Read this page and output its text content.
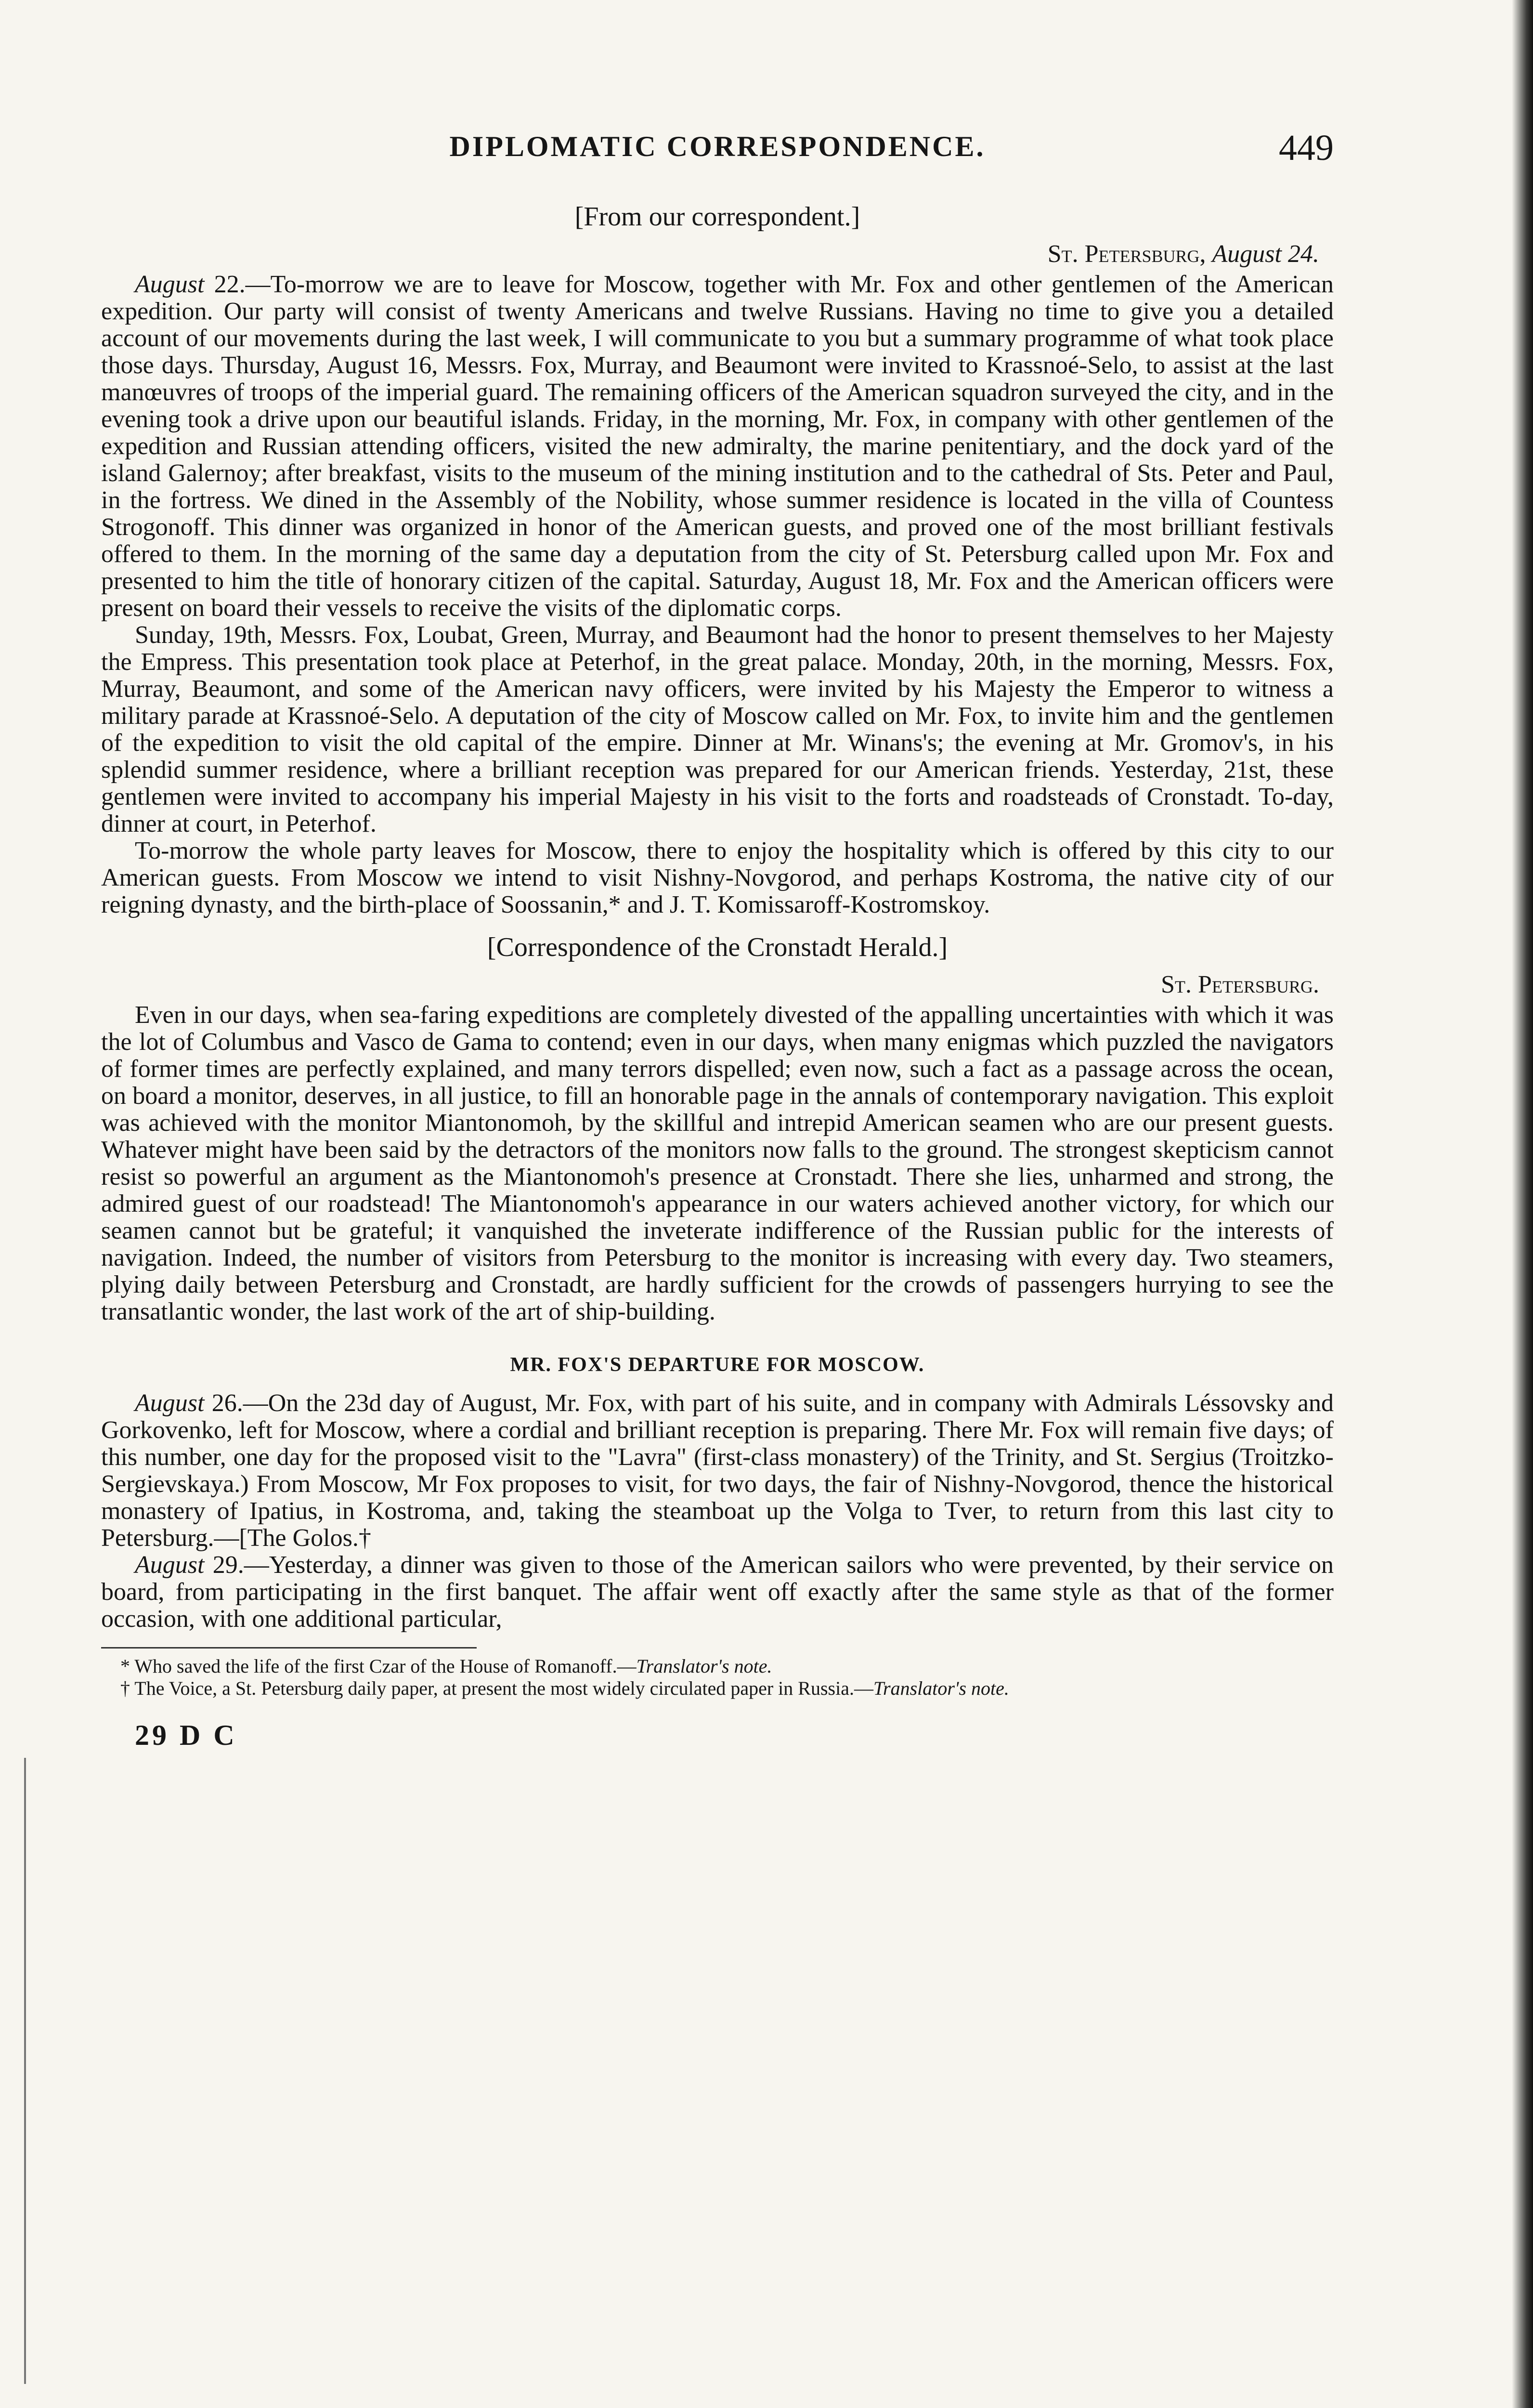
DIPLOMATIC CORRESPONDENCE.	449
[From our correspondent.]
St. Petersburg, August 24.

August 22.—To-morrow we are to leave for Moscow, together with Mr. Fox and other gentlemen of the American expedition. Our party will consist of twenty Americans and twelve Russians. Having no time to give you a detailed account of our movements during the last week, I will communicate to you but a summary programme of what took place those days. Thursday, August 16, Messrs. Fox, Murray, and Beaumont were invited to Krassnoé-Selo, to assist at the last manœuvres of troops of the imperial guard. The remaining officers of the American squadron surveyed the city, and in the evening took a drive upon our beautiful islands. Friday, in the morning, Mr. Fox, in company with other gentlemen of the expedition and Russian attending officers, visited the new admiralty, the marine penitentiary, and the dock yard of the island Galernoy; after breakfast, visits to the museum of the mining institution and to the cathedral of Sts. Peter and Paul, in the fortress. We dined in the Assembly of the Nobility, whose summer residence is located in the villa of Countess Strogonoff. This dinner was organized in honor of the American guests, and proved one of the most brilliant festivals offered to them. In the morning of the same day a deputation from the city of St. Petersburg called upon Mr. Fox and presented to him the title of honorary citizen of the capital. Saturday, August 18, Mr. Fox and the American officers were present on board their vessels to receive the visits of the diplomatic corps.

Sunday, 19th, Messrs. Fox, Loubat, Green, Murray, and Beaumont had the honor to present themselves to her Majesty the Empress. This presentation took place at Peterhof, in the great palace. Monday, 20th, in the morning, Messrs. Fox, Murray, Beaumont, and some of the American navy officers, were invited by his Majesty the Emperor to witness a military parade at Krassnoé-Selo. A deputation of the city of Moscow called on Mr. Fox, to invite him and the gentlemen of the expedition to visit the old capital of the empire. Dinner at Mr. Winans's; the evening at Mr. Gromov's, in his splendid summer residence, where a brilliant reception was prepared for our American friends. Yesterday, 21st, these gentlemen were invited to accompany his imperial Majesty in his visit to the forts and roadsteads of Cronstadt. To-day, dinner at court, in Peterhof.

To-morrow the whole party leaves for Moscow, there to enjoy the hospitality which is offered by this city to our American guests. From Moscow we intend to visit Nishny-Novgorod, and perhaps Kostroma, the native city of our reigning dynasty, and the birth-place of Soossanin,* and J. T. Komissaroff-Kostromskoy.

[Correspondence of the Cronstadt Herald.]
St. Petersburg.

Even in our days, when sea-faring expeditions are completely divested of the appalling uncertainties with which it was the lot of Columbus and Vasco de Gama to contend; even in our days, when many enigmas which puzzled the navigators of former times are perfectly explained, and many terrors dispelled; even now, such a fact as a passage across the ocean, on board a monitor, deserves, in all justice, to fill an honorable page in the annals of contemporary navigation. This exploit was achieved with the monitor Miantonomoh, by the skillful and intrepid American seamen who are our present guests. Whatever might have been said by the detractors of the monitors now falls to the ground. The strongest skepticism cannot resist so powerful an argument as the Miantonomoh's presence at Cronstadt. There she lies, unharmed and strong, the admired guest of our roadstead! The Miantonomoh's appearance in our waters achieved another victory, for which our seamen cannot but be grateful; it vanquished the inveterate indifference of the Russian public for the interests of navigation. Indeed, the number of visitors from Petersburg to the monitor is increasing with every day. Two steamers, plying daily between Petersburg and Cronstadt, are hardly sufficient for the crowds of passengers hurrying to see the transatlantic wonder, the last work of the art of ship-building.

MR. FOX'S DEPARTURE FOR MOSCOW.

August 26.—On the 23d day of August, Mr. Fox, with part of his suite, and in company with Admirals Léssovsky and Gorkovenko, left for Moscow, where a cordial and brilliant reception is preparing. There Mr. Fox will remain five days; of this number, one day for the proposed visit to the "Lavra" (first-class monastery) of the Trinity, and St. Sergius (Troitzko-Sergievskaya.) From Moscow, Mr Fox proposes to visit, for two days, the fair of Nishny-Novgorod, thence the historical monastery of Ipatius, in Kostroma, and, taking the steamboat up the Volga to Tver, to return from this last city to Petersburg.—[The Golos.†

August 29.—Yesterday, a dinner was given to those of the American sailors who were prevented, by their service on board, from participating in the first banquet. The affair went off exactly after the same style as that of the former occasion, with one additional particular,

* Who saved the life of the first Czar of the House of Romanoff.—Translator's note.

† The Voice, a St. Petersburg daily paper, at present the most widely circulated paper in Russia.—Translator's note.

29 D C
